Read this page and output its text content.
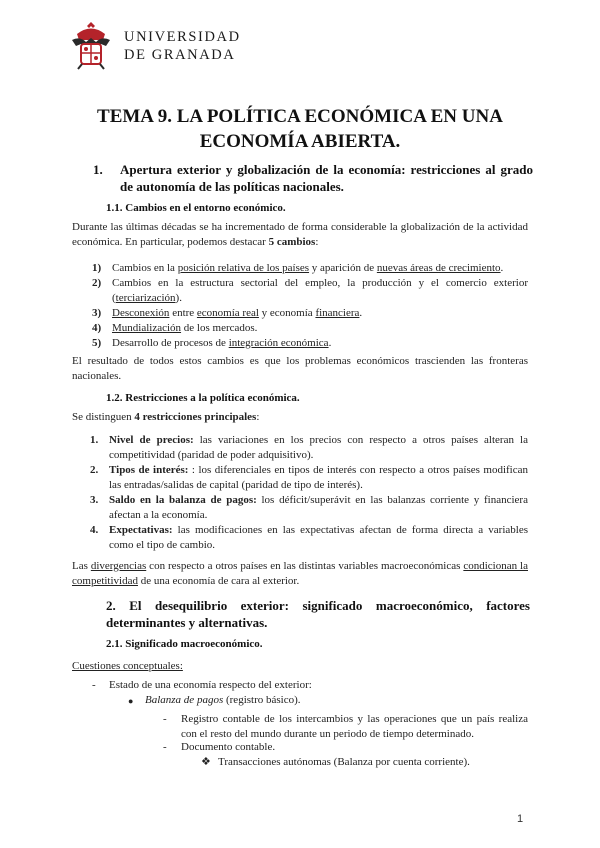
UNIVERSIDAD
DE GRANADA
TEMA 9. LA POLÍTICA ECONÓMICA EN UNA
ECONOMÍA ABIERTA.
1. Apertura exterior y globalización de la economía: restricciones al grado de autonomía de las políticas nacionales.
1.1. Cambios en el entorno económico.
Durante las últimas décadas se ha incrementado de forma considerable la globalización de la actividad económica. En particular, podemos destacar 5 cambios:
1) Cambios en la posición relativa de los países y aparición de nuevas áreas de crecimiento.
2) Cambios en la estructura sectorial del empleo, la producción y el comercio exterior (terciarización).
3) Desconexión entre economía real y economía financiera.
4) Mundialización de los mercados.
5) Desarrollo de procesos de integración económica.
El resultado de todos estos cambios es que los problemas económicos trascienden las fronteras nacionales.
1.2. Restricciones a la política económica.
Se distinguen 4 restricciones principales:
1. Nivel de precios: las variaciones en los precios con respecto a otros países alteran la competitividad (paridad de poder adquisitivo).
2. Tipos de interés: : los diferenciales en tipos de interés con respecto a otros países modifican las entradas/salidas de capital (paridad de tipo de interés).
3. Saldo en la balanza de pagos: los déficit/superávit en las balanzas corriente y financiera afectan a la economía.
4. Expectativas: las modificaciones en las expectativas afectan de forma directa a variables como el tipo de cambio.
Las divergencias con respecto a otros países en las distintas variables macroeconómicas condicionan la competitividad de una economía de cara al exterior.
2. El desequilibrio exterior: significado macroeconómico, factores determinantes y alternativas.
2.1. Significado macroeconómico.
Cuestiones conceptuales:
- Estado de una economía respecto del exterior:
● Balanza de pagos (registro básico).
- Registro contable de los intercambios y las operaciones que un país realiza con el resto del mundo durante un periodo de tiempo determinado.
- Documento contable.
❖ Transacciones autónomas (Balanza por cuenta corriente).
1
